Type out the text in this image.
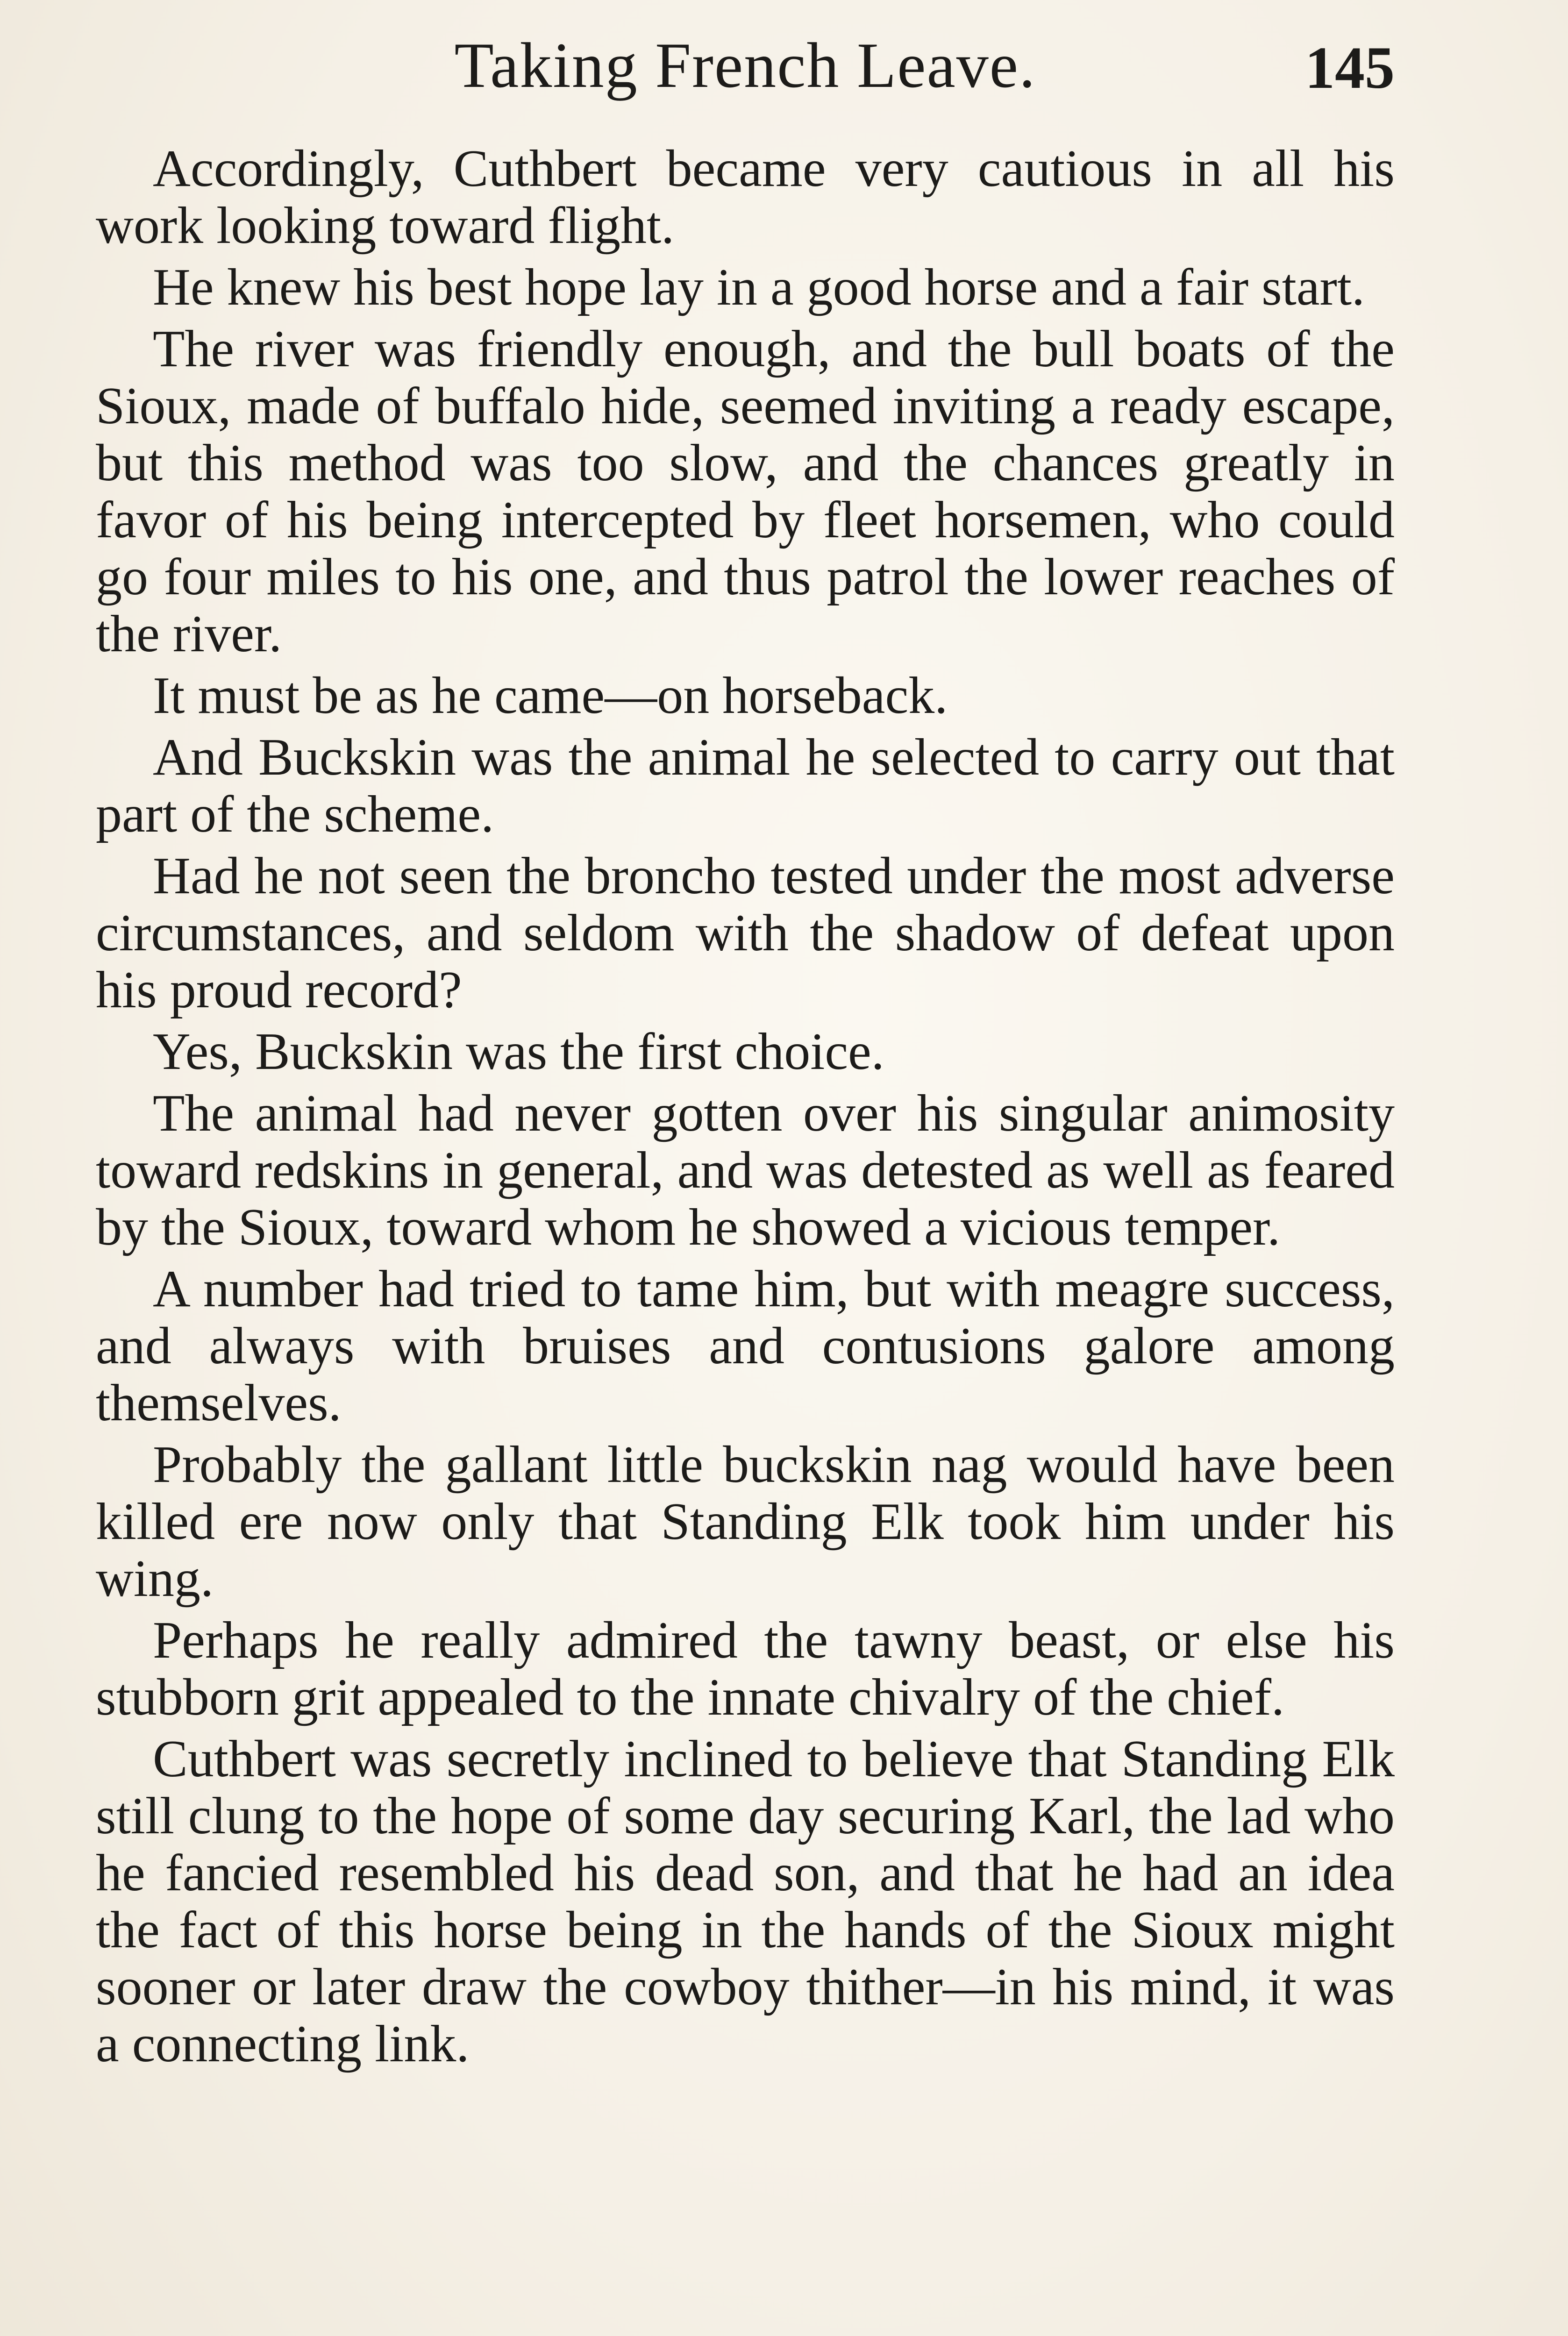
Taking French Leave.	145

Accordingly, Cuthbert became very cautious in all his work looking toward flight.

He knew his best hope lay in a good horse and a fair start.

The river was friendly enough, and the bull boats of the Sioux, made of buffalo hide, seemed inviting a ready escape, but this method was too slow, and the chances greatly in favor of his being intercepted by fleet horsemen, who could go four miles to his one, and thus patrol the lower reaches of the river.

It must be as he came—on horseback.

And Buckskin was the animal he selected to carry out that part of the scheme.

Had he not seen the broncho tested under the most adverse circumstances, and seldom with the shadow of defeat upon his proud record?

Yes, Buckskin was the first choice.

The animal had never gotten over his singular animosity toward redskins in general, and was detested as well as feared by the Sioux, toward whom he showed a vicious temper.

A number had tried to tame him, but with meagre success, and always with bruises and contusions galore among themselves.

Probably the gallant little buckskin nag would have been killed ere now only that Standing Elk took him under his wing.

Perhaps he really admired the tawny beast, or else his stubborn grit appealed to the innate chivalry of the chief.

Cuthbert was secretly inclined to believe that Standing Elk still clung to the hope of some day securing Karl, the lad who he fancied resembled his dead son, and that he had an idea the fact of this horse being in the hands of the Sioux might sooner or later draw the cowboy thither—in his mind, it was a connecting link.
